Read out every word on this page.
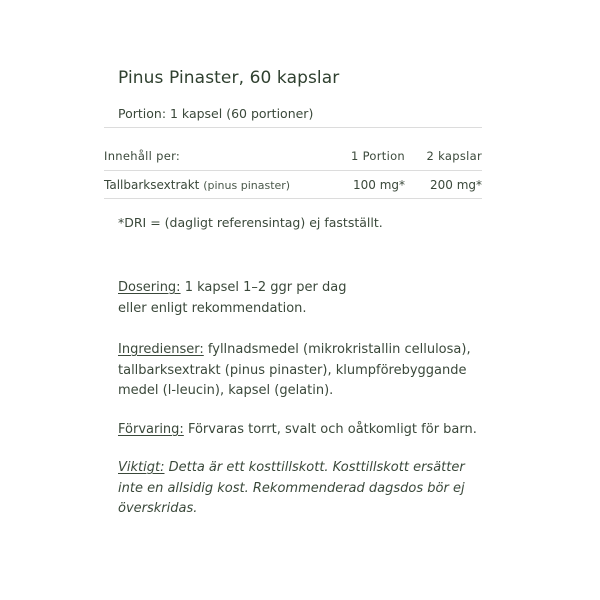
Pinus Pinaster, 60 kapslar
Portion: 1 kapsel (60 portioner)
Innehåll per:	1 Portion 2 kapslar
Tallbarksextrakt (pinus pinaster)	100 mg* 200 mg*
*DRI = (dagligt referensintag) ej fastställt.
Dosering: 1 kapsel 1–2 ggr per dag
eller enligt rekommendation.
Ingredienser: fyllnadsmedel (mikrokristallin cellulosa),
tallbarksextrakt (pinus pinaster), klumpförebyggande
medel (l-leucin), kapsel (gelatin).
Förvaring: Förvaras torrt, svalt och oåtkomligt för barn.
Viktigt: Detta är ett kosttillskott. Kosttillskott ersätter
inte en allsidig kost. Rekommenderad dagsdos bör ej
överskridas.
